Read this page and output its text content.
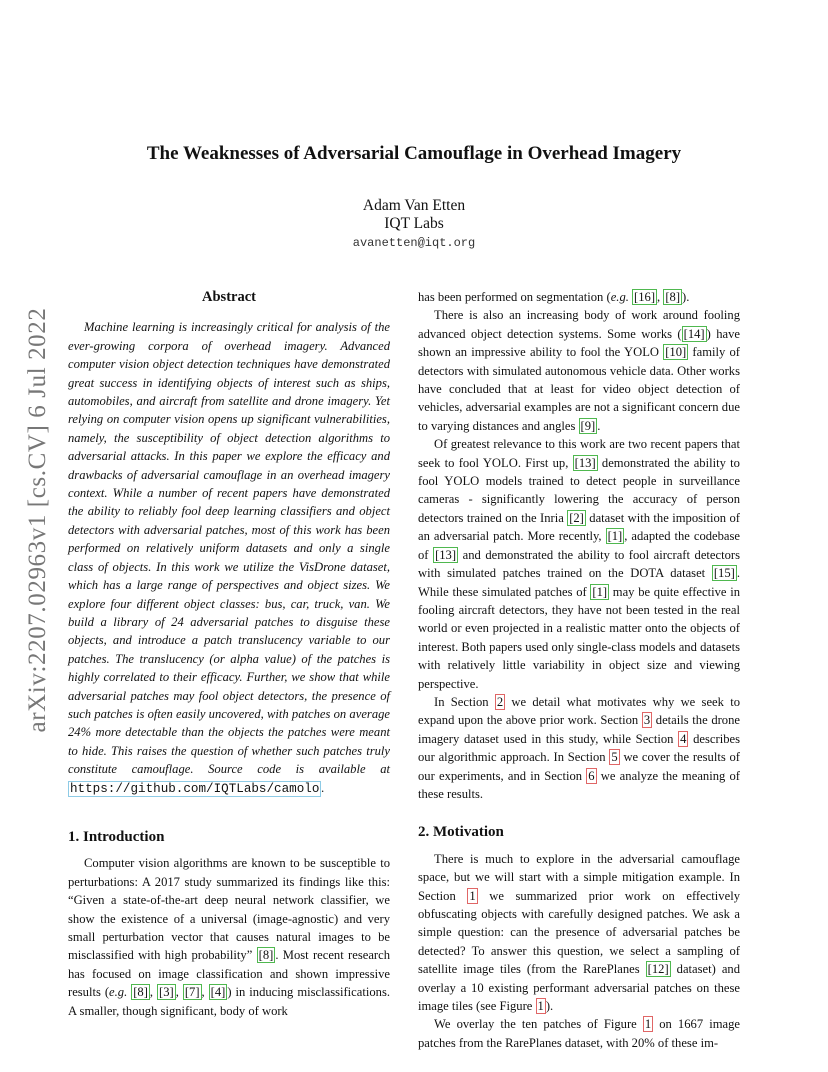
arXiv:2207.02963v1 [cs.CV] 6 Jul 2022
The Weaknesses of Adversarial Camouflage in Overhead Imagery
Adam Van Etten
IQT Labs
avanetten@iqt.org
Abstract

Machine learning is increasingly critical for analysis of the ever-growing corpora of overhead imagery. Advanced computer vision object detection techniques have demonstrated great success in identifying objects of interest such as ships, automobiles, and aircraft from satellite and drone imagery. Yet relying on computer vision opens up significant vulnerabilities, namely, the susceptibility of object detection algorithms to adversarial attacks. In this paper we explore the efficacy and drawbacks of adversarial camouflage in an overhead imagery context. While a number of recent papers have demonstrated the ability to reliably fool deep learning classifiers and object detectors with adversarial patches, most of this work has been performed on relatively uniform datasets and only a single class of objects. In this work we utilize the VisDrone dataset, which has a large range of perspectives and object sizes. We explore four different object classes: bus, car, truck, van. We build a library of 24 adversarial patches to disguise these objects, and introduce a patch translucency variable to our patches. The translucency (or alpha value) of the patches is highly correlated to their efficacy. Further, we show that while adversarial patches may fool object detectors, the presence of such patches is often easily uncovered, with patches on average 24% more detectable than the objects the patches were meant to hide. This raises the question of whether such patches truly constitute camouflage. Source code is available at https://github.com/IQTLabs/camolo .

1. Introduction

Computer vision algorithms are known to be susceptible to perturbations: A 2017 study summarized its findings like this: “Given a state-of-the-art deep neural network classifier, we show the existence of a universal (image-agnostic) and very small perturbation vector that causes natural images to be misclassified with high probability” [8] . Most recent research has focused on image classification and shown impressive results (e.g. [8] , [3] , [7] , [4] ) in inducing misclassifications. A smaller, though significant, body of work

has been performed on segmentation (e.g. [16] , [8] ).

There is also an increasing body of work around fooling advanced object detection systems. Some works ( [14] ) have shown an impressive ability to fool the YOLO [10] family of detectors with simulated autonomous vehicle data. Other works have concluded that at least for video object detection of vehicles, adversarial examples are not a significant concern due to varying distances and angles [9] .

Of greatest relevance to this work are two recent papers that seek to fool YOLO. First up, [13] demonstrated the ability to fool YOLO models trained to detect people in surveillance cameras - significantly lowering the accuracy of person detectors trained on the Inria [2] dataset with the imposition of an adversarial patch. More recently, [1] , adapted the codebase of [13] and demonstrated the ability to fool aircraft detectors with simulated patches trained on the DOTA dataset [15] . While these simulated patches of [1] may be quite effective in fooling aircraft detectors, they have not been tested in the real world or even projected in a realistic matter onto the objects of interest. Both papers used only single-class models and datasets with relatively little variability in object size and viewing perspective.

In Section 2 we detail what motivates why we seek to expand upon the above prior work. Section 3 details the drone imagery dataset used in this study, while Section 4 describes our algorithmic approach. In Section 5 we cover the results of our experiments, and in Section 6 we analyze the meaning of these results.

2. Motivation

There is much to explore in the adversarial camouflage space, but we will start with a simple mitigation example. In Section 1 we summarized prior work on effectively obfuscating objects with carefully designed patches. We ask a simple question: can the presence of adversarial patches be detected? To answer this question, we select a sampling of satellite image tiles (from the RarePlanes [12] dataset) and overlay a 10 existing performant adversarial patches on these image tiles (see Figure 1 ).

We overlay the ten patches of Figure 1 on 1667 image patches from the RarePlanes dataset, with 20% of these im-
